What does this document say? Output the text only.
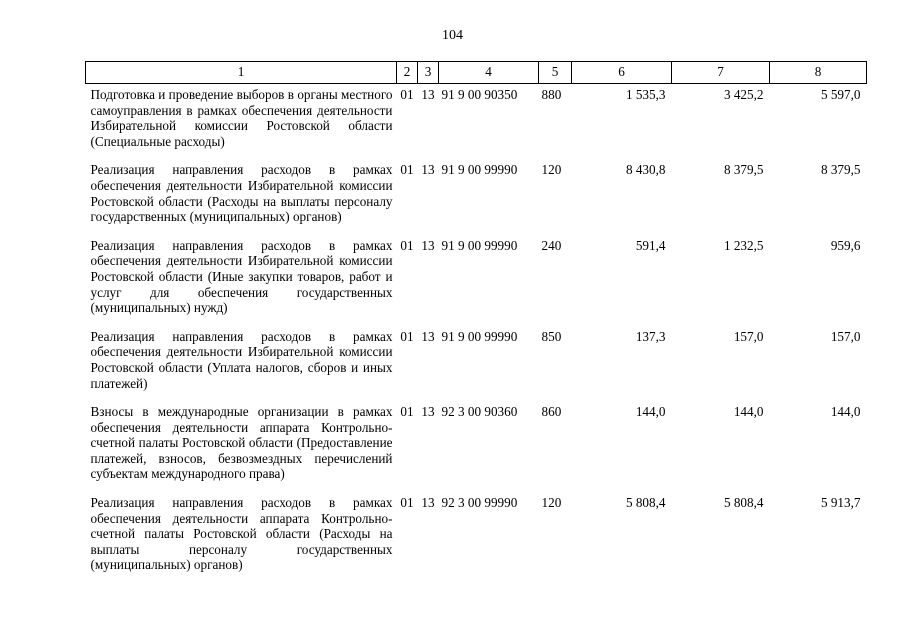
104
1	2	3	4	5	6	7	8
Подготовка и проведение выборов в органы местного самоуправления в рамках обеспечения деятельности Избирательной комиссии Ростовской области (Специальные расходы)	01	13	91 9 00 90350	880	1 535,3	3 425,2	5 597,0
Реализация направления расходов в рамках обеспечения деятельности Избирательной комиссии Ростовской области (Расходы на выплаты персоналу государственных (муниципальных) органов)	01	13	91 9 00 99990	120	8 430,8	8 379,5	8 379,5
Реализация направления расходов в рамках обеспечения деятельности Избирательной комиссии Ростовской области (Иные закупки товаров, работ и услуг для обеспечения государственных (муниципальных) нужд)	01	13	91 9 00 99990	240	591,4	1 232,5	959,6
Реализация направления расходов в рамках обеспечения деятельности Избирательной комиссии Ростовской области (Уплата налогов, сборов и иных платежей)	01	13	91 9 00 99990	850	137,3	157,0	157,0
Взносы в международные организации в рамках обеспечения деятельности аппарата Контрольно-счетной палаты Ростовской области (Предоставление платежей, взносов, безвозмездных перечислений субъектам международного права)	01	13	92 3 00 90360	860	144,0	144,0	144,0
Реализация направления расходов в рамках обеспечения деятельности аппарата Контрольно-счетной палаты Ростовской области (Расходы на выплаты персоналу государственных (муниципальных) органов)	01	13	92 3 00 99990	120	5 808,4	5 808,4	5 913,7
